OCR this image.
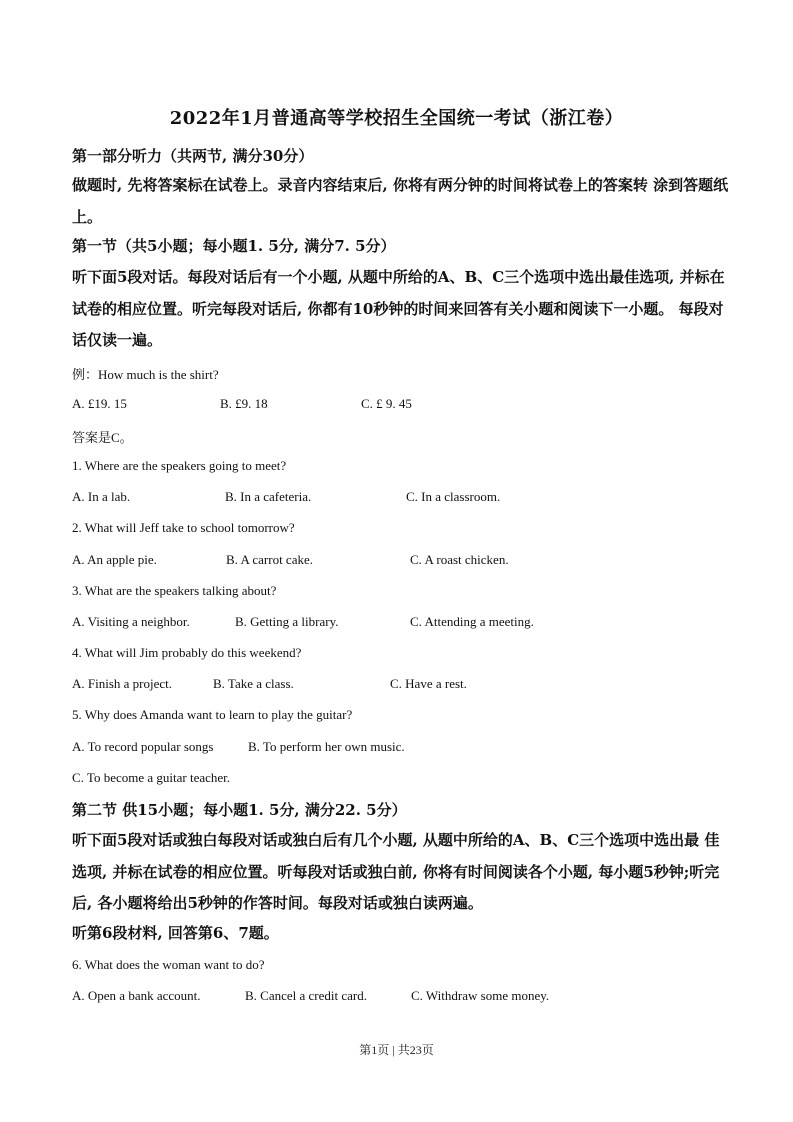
2022年1月普通高等学校招生全国统一考试（浙江卷）
第一部分听力（共两节, 满分30分）
做题时, 先将答案标在试卷上。录音内容结束后, 你将有两分钟的时间将试卷上的答案转 涂到答题纸上。
第一节（共5小题；每小题1. 5分, 满分7. 5分）
听下面5段对话。每段对话后有一个小题, 从题中所给的A、B、C三个选项中选出最佳选项, 并标在试卷的相应位置。听完每段对话后, 你都有10秒钟的时间来回答有关小题和阅读下一小题。 每段对话仅读一遍。
例：How much is the shirt?
A. £19. 15	B. £9. 18	C. £ 9. 45
答案是C。
1. Where are the speakers going to meet?
A. In a lab.	B. In a cafeteria.	C. In a classroom.
2. What will Jeff take to school tomorrow?
A. An apple pie.	B. A carrot cake.	C. A roast chicken.
3. What are the speakers talking about?
A. Visiting a neighbor.	B. Getting a library.	C. Attending a meeting.
4. What will Jim probably do this weekend?
A. Finish a project.	B. Take a class.	C. Have a rest.
5. Why does Amanda want to learn to play the guitar?
A. To record popular songs	B. To perform her own music.
C. To become a guitar teacher.
第二节 供15小题；每小题1. 5分, 满分22. 5分）
听下面5段对话或独白每段对话或独白后有几个小题, 从题中所给的A、B、C三个选项中选出最 佳选项, 并标在试卷的相应位置。听每段对话或独白前, 你将有时间阅读各个小题, 每小题5秒钟;听完后, 各小题将给出5秒钟的作答时间。每段对话或独白读两遍。
听第6段材料, 回答第6、7题。
6. What does the woman want to do?
A. Open a bank account.	B. Cancel a credit card.	C. Withdraw some money.
第1页 | 共23页
